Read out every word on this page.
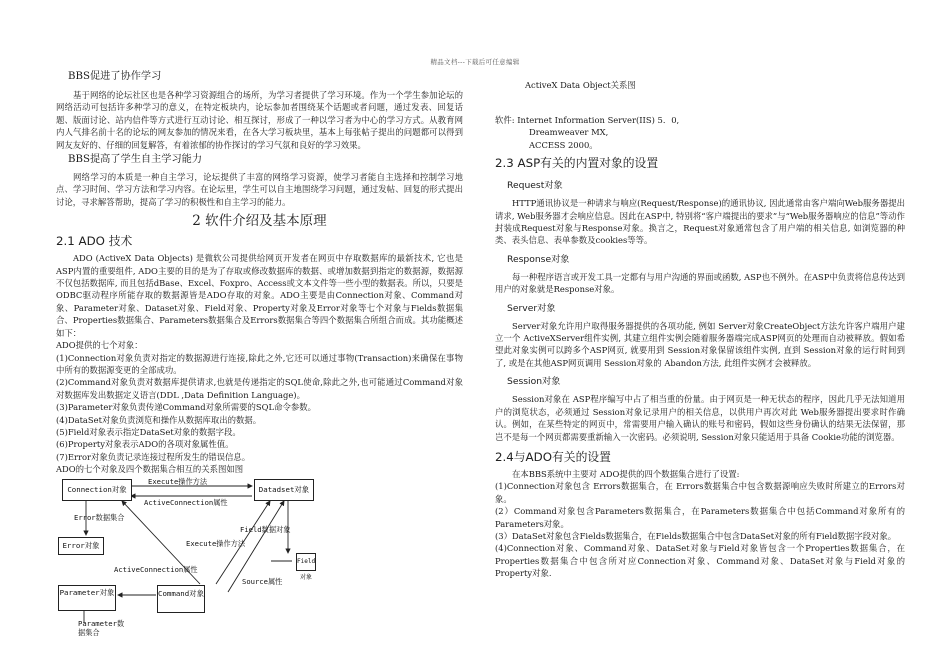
精品文档---下载后可任意编辑
BBS促进了协作学习

基于网络的论坛社区也是各种学习资源组合的场所，为学习者提供了学习环境。作为一个学生参加论坛的网络活动可包括许多种学习的意义，在特定板块内，论坛参加者围绕某个话题或者问题，通过发表、回复话题、版面讨论、站内信件等方式进行互动讨论、相互探讨，形成了一种以学习者为中心的学习方式。从教育网内人气排名前十名的论坛的网友参加的情况来看，在各大学习板块里，基本上每张帖子提出的问题都可以得到网友友好的、仔细的回复解答，有着浓郁的协作探讨的学习气氛和良好的学习效果。

BBS提高了学生自主学习能力

网络学习的本质是一种自主学习，论坛提供了丰富的网络学习资源，使学习者能自主选择和控制学习地点、学习时间、学习方法和学习内容。在论坛里，学生可以自主地围绕学习问题，通过发帖、回复的形式提出讨论，寻求解答帮助，提高了学习的积极性和自主学习的能力。

2 软件介绍及基本原理
2.1 ADO 技术

ADO (ActiveX Data Objects) 是微软公司提供给网页开发者在网页中存取数据库的最新技术, 它也是ASP内置的重要组件, ADO主要的目的是为了存取或修改数据库的数据、或增加数据到指定的数据源，数据源不仅包括数据库, 而且包括dBase、Excel、Foxpro、Access或文本文件等一些小型的数据表。所以，只要是ODBC驱动程序所能存取的数据源皆是ADO存取的对象。ADO主要是由Connection对象、Command对象、Parameter对象、Dataset对象、Field对象、Property对象及Error对象等七个对象与Fields数据集合、Properties数据集合、Parameters数据集合及Errors数据集合等四个数据集合所组合而成。其功能概述如下：

ADO提供的七个对象：

(1)Connection对象负责对指定的数据源进行连接,除此之外,它还可以通过事物(Transaction)来确保在事物中所有的数据源变更的全部成功。

(2)Command对象负责对数据库提供请求,也就是传递指定的SQL使命,除此之外,也可能通过Command对象对数据库发出数据定义语言(DDL ,Data Definition Language)。

(3)Parameter对象负责传递Command对象所需要的SQL命令参数。

(4)DataSet对象负责浏览和操作从数据库取出的数据。

(5)Field对象表示指定DataSet对象的数据字段。

(6)Property对象表示ADO的各项对象属性值。

(7)Error对象负责记录连接过程所发生的错误信息。

ADO的七个对象及四个数据集合相互的关系图如图
Connection对象	Datadset对象
Error对象
Field对象
Command对象
Parameter对象
Execute操作方法
ActiveConnection属性
Error数据集合
Field数据对象
Execute操作方法
ActiveConnection属性
Source属性
Parameter数据集合
ActiveX Data Object关系图

软件: Internet Information Server(IIS) 5．0,

Dreamweaver MX,

ACCESS 2000。

2.3 ASP有关的内置对象的设置
Request对象

HTTP通讯协议是一种请求与响应(Request/Response)的通讯协议, 因此通常由客户端向Web服务器提出请求, Web服务器才会响应信息。因此在ASP中, 特别将“客户端提出的要求”与“Web服务器响应的信息”等动作封装成Request对象与Response对象。换言之，Request对象通常包含了用户端的相关信息, 如浏览器的种类、表头信息、表单参数及cookies等等。

Response对象

每一种程序语言或开发工具一定都有与用户沟通的界面或函数, ASP也不例外。在ASP中负责将信息传达到用户的对象就是Response对象。

Server对象

Server对象允许用户取得服务器提供的各项功能, 例如 Server对象CreateObject方法允许客户端用户建立一个 ActiveXServer组件实例, 其建立组件实例会随着服务器端完成ASP网页的处理而自动被释放。假如希望此对象实例可以跨多个ASP网页, 就要用到 Session对象保留该组件实例, 直到 Session对象的运行时间到了, 或是在其他ASP网页调用 Session对象的 Abandon方法, 此组件实例才会被释放。

Session对象

Session对象在 ASP程序编写中占了相当重的份量。由于网页是一种无状态的程序，因此几乎无法知道用户的浏览状态，必须通过 Session对象记录用户的相关信息，以供用户再次对此 Web服务器提出要求时作确认。例如，在某些特定的网页中，常需要用户输入确认的账号和密码，假如这些身份确认的结果无法保留，那岂不是每一个网页都需要重新输入一次密码。必须说明, Session对象只能适用于具备 Cookie功能的浏览器。

2.4与ADO有关的设置

在本BBS系统中主要对 ADO提供的四个数据集合进行了设置:

(1)Connection对象包含 Errors数据集合，在 Errors数据集合中包含数据源响应失败时所建立的Errors对象。

(2）Command对象包含Parameters数据集合，在Parameters数据集合中包括Command对象所有的Parameters对象。

(3）DataSet对象包含Fields数据集合，在Fields数据集合中包含DataSet对象的所有Field数据字段对象。

(4)Connection对象、Command对象、DataSet对象与Field对象皆包含一个Properties数据集合，在Properties数据集合中包含所对应Connection对象、Command对象、DataSet对象与Field对象的Property对象.
